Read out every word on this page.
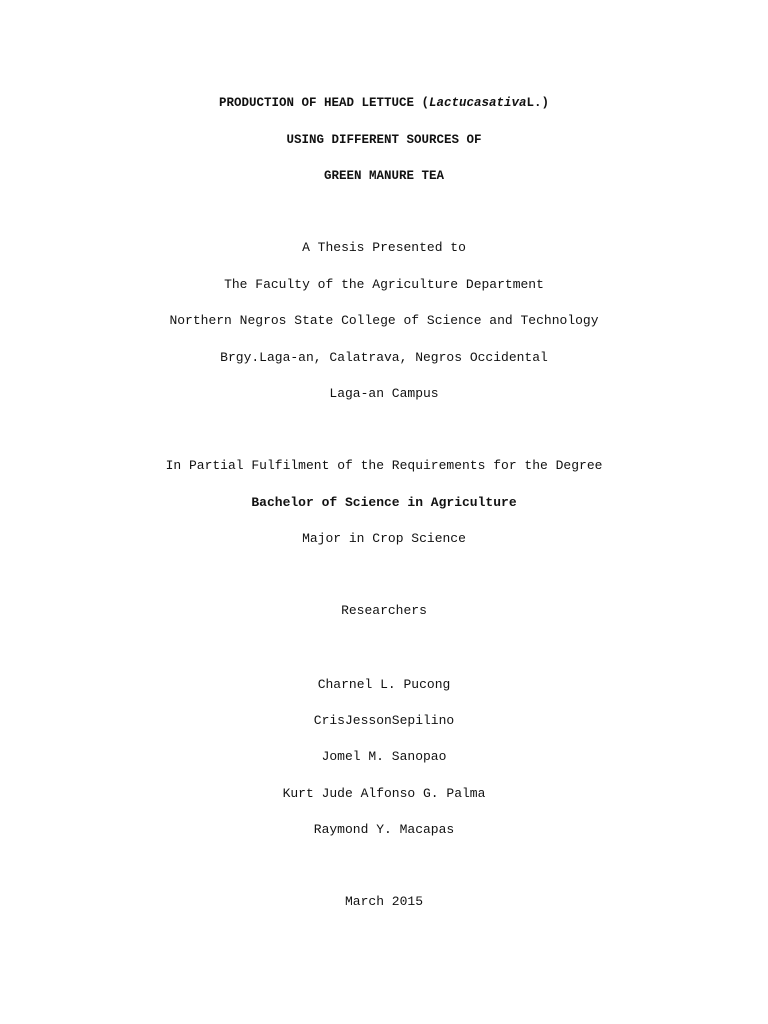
PRODUCTION OF HEAD LETTUCE (LactucasativaL.)

USING DIFFERENT SOURCES OF

GREEN MANURE TEA

A Thesis Presented to

The Faculty of the Agriculture Department

Northern Negros State College of Science and Technology

Brgy.Laga-an, Calatrava, Negros Occidental

Laga-an Campus

In Partial Fulfilment of the Requirements for the Degree

Bachelor of Science in Agriculture

Major in Crop Science

Researchers

Charnel L. Pucong

CrisJessonSepilino

Jomel M. Sanopao

Kurt Jude Alfonso G. Palma

Raymond Y. Macapas

March 2015
